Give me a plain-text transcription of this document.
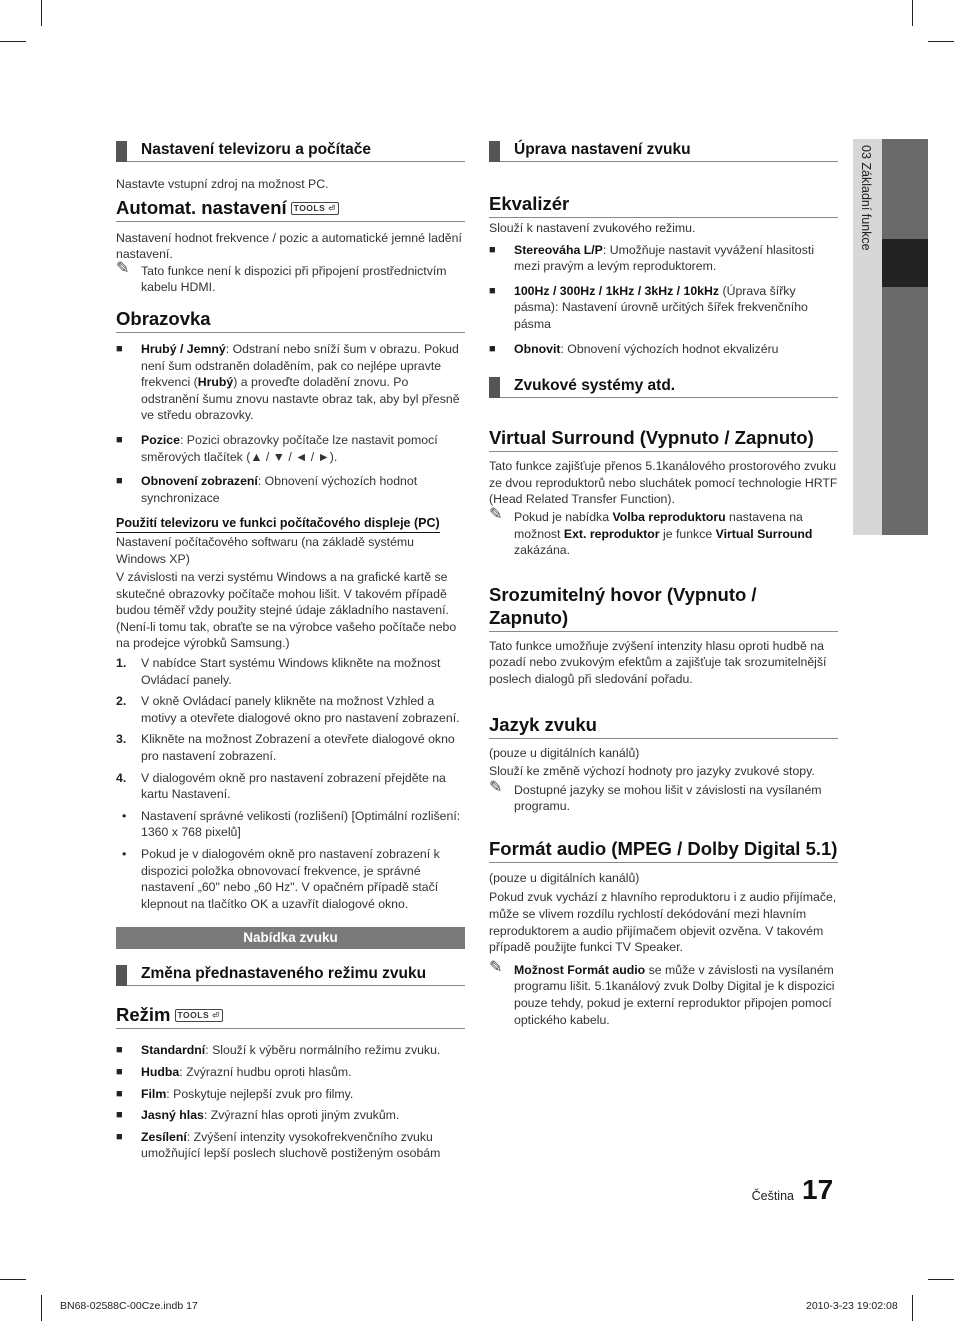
Nastavení televizoru a počítače

Nastavte vstupní zdroj na možnost PC.

Automat. nastavení TOOLS ⏎

Nastavení hodnot frekvence / pozic a automatické jemné ladění nastavení.

✎ Tato funkce není k dispozici při připojení prostřednictvím kabelu HDMI.
Obrazovka
■ Hrubý / Jemný: Odstraní nebo sníží šum v obrazu. Pokud není šum odstraněn doladěním, pak co nejlépe upravte frekvenci (Hrubý) a proveďte doladění znovu. Po odstranění šumu znovu nastavte obraz tak, aby byl přesně ve středu obrazovky.
■ Pozice: Pozici obrazovky počítače lze nastavit pomocí směrových tlačítek (▲ / ▼ / ◄ / ►).
■ Obnovení zobrazení: Obnovení výchozích hodnot synchronizace
Použití televizoru ve funkci počítačového displeje (PC)

Nastavení počítačového softwaru (na základě systému Windows XP)

V závislosti na verzi systému Windows a na grafické kartě se skutečné obrazovky počítače mohou lišit. V takovém případě budou téměř vždy použity stejné údaje základního nastavení. (Není-li tomu tak, obraťte se na výrobce vašeho počítače nebo na prodejce výrobků Samsung.)

1. V nabídce Start systému Windows klikněte na možnost Ovládací panely.
2. V okně Ovládací panely klikněte na možnost Vzhled a motivy a otevřete dialogové okno pro nastavení zobrazení.
3. Klikněte na možnost Zobrazení a otevřete dialogové okno pro nastavení zobrazení.
4. V dialogovém okně pro nastavení zobrazení přejděte na kartu Nastavení.
• Nastavení správné velikosti (rozlišení) [Optimální rozlišení: 1360 x 768 pixelů]
• Pokud je v dialogovém okně pro nastavení zobrazení k dispozici položka obnovovací frekvence, je správné nastavení „60" nebo „60 Hz". V opačném případě stačí klepnout na tlačítko OK a uzavřít dialogové okno.
Nabídka zvuku
Změna přednastaveného režimu zvuku
Režim TOOLS ⏎
■ Standardní: Slouží k výběru normálního režimu zvuku.
■ Hudba: Zvýrazní hudbu oproti hlasům.
■ Film: Poskytuje nejlepší zvuk pro filmy.
■ Jasný hlas: Zvýrazní hlas oproti jiným zvukům.
■ Zesílení: Zvýšení intenzity vysokofrekvenčního zvuku umožňující lepší poslech sluchově postiženým osobám
Úprava nastavení zvuku
Ekvalizér

Slouží k nastavení zvukového režimu.

■ Stereováha L/P: Umožňuje nastavit vyvážení hlasitosti mezi pravým a levým reproduktorem.
■ 100Hz / 300Hz / 1kHz / 3kHz / 10kHz (Úprava šířky pásma): Nastavení úrovně určitých šířek frekvenčního pásma
■ Obnovit: Obnovení výchozích hodnot ekvalizéru
Zvukové systémy atd.
Virtual Surround (Vypnuto / Zapnuto)

Tato funkce zajišťuje přenos 5.1kanálového prostorového zvuku ze dvou reproduktorů nebo sluchátek pomocí technologie HRTF (Head Related Transfer Function).

✎ Pokud je nabídka Volba reproduktoru nastavena na možnost Ext. reproduktor je funkce Virtual Surround zakázána.
Srozumitelný hovor (Vypnuto / Zapnuto)

Tato funkce umožňuje zvýšení intenzity hlasu oproti hudbě na pozadí nebo zvukovým efektům a zajišťuje tak srozumitelnější poslech dialogů při sledování pořadu.

Jazyk zvuku

(pouze u digitálních kanálů)

Slouží ke změně výchozí hodnoty pro jazyky zvukové stopy.

✎ Dostupné jazyky se mohou lišit v závislosti na vysílaném programu.
Formát audio (MPEG / Dolby Digital 5.1)

(pouze u digitálních kanálů)

Pokud zvuk vychází z hlavního reproduktoru i z audio přijímače, může se vlivem rozdílu rychlostí dekódování mezi hlavním reproduktorem a audio přijímačem objevit ozvěna. V takovém případě použijte funkci TV Speaker.

✎ Možnost Formát audio se může v závislosti na vysílaném programu lišit. 5.1kanálový zvuk Dolby Digital je k dispozici pouze tehdy, pokud je externí reproduktor připojen pomocí optického kabelu.
03 Základní funkce
Čeština 17
BN68-02588C-00Cze.indb 17	2010-3-23 19:02:08
